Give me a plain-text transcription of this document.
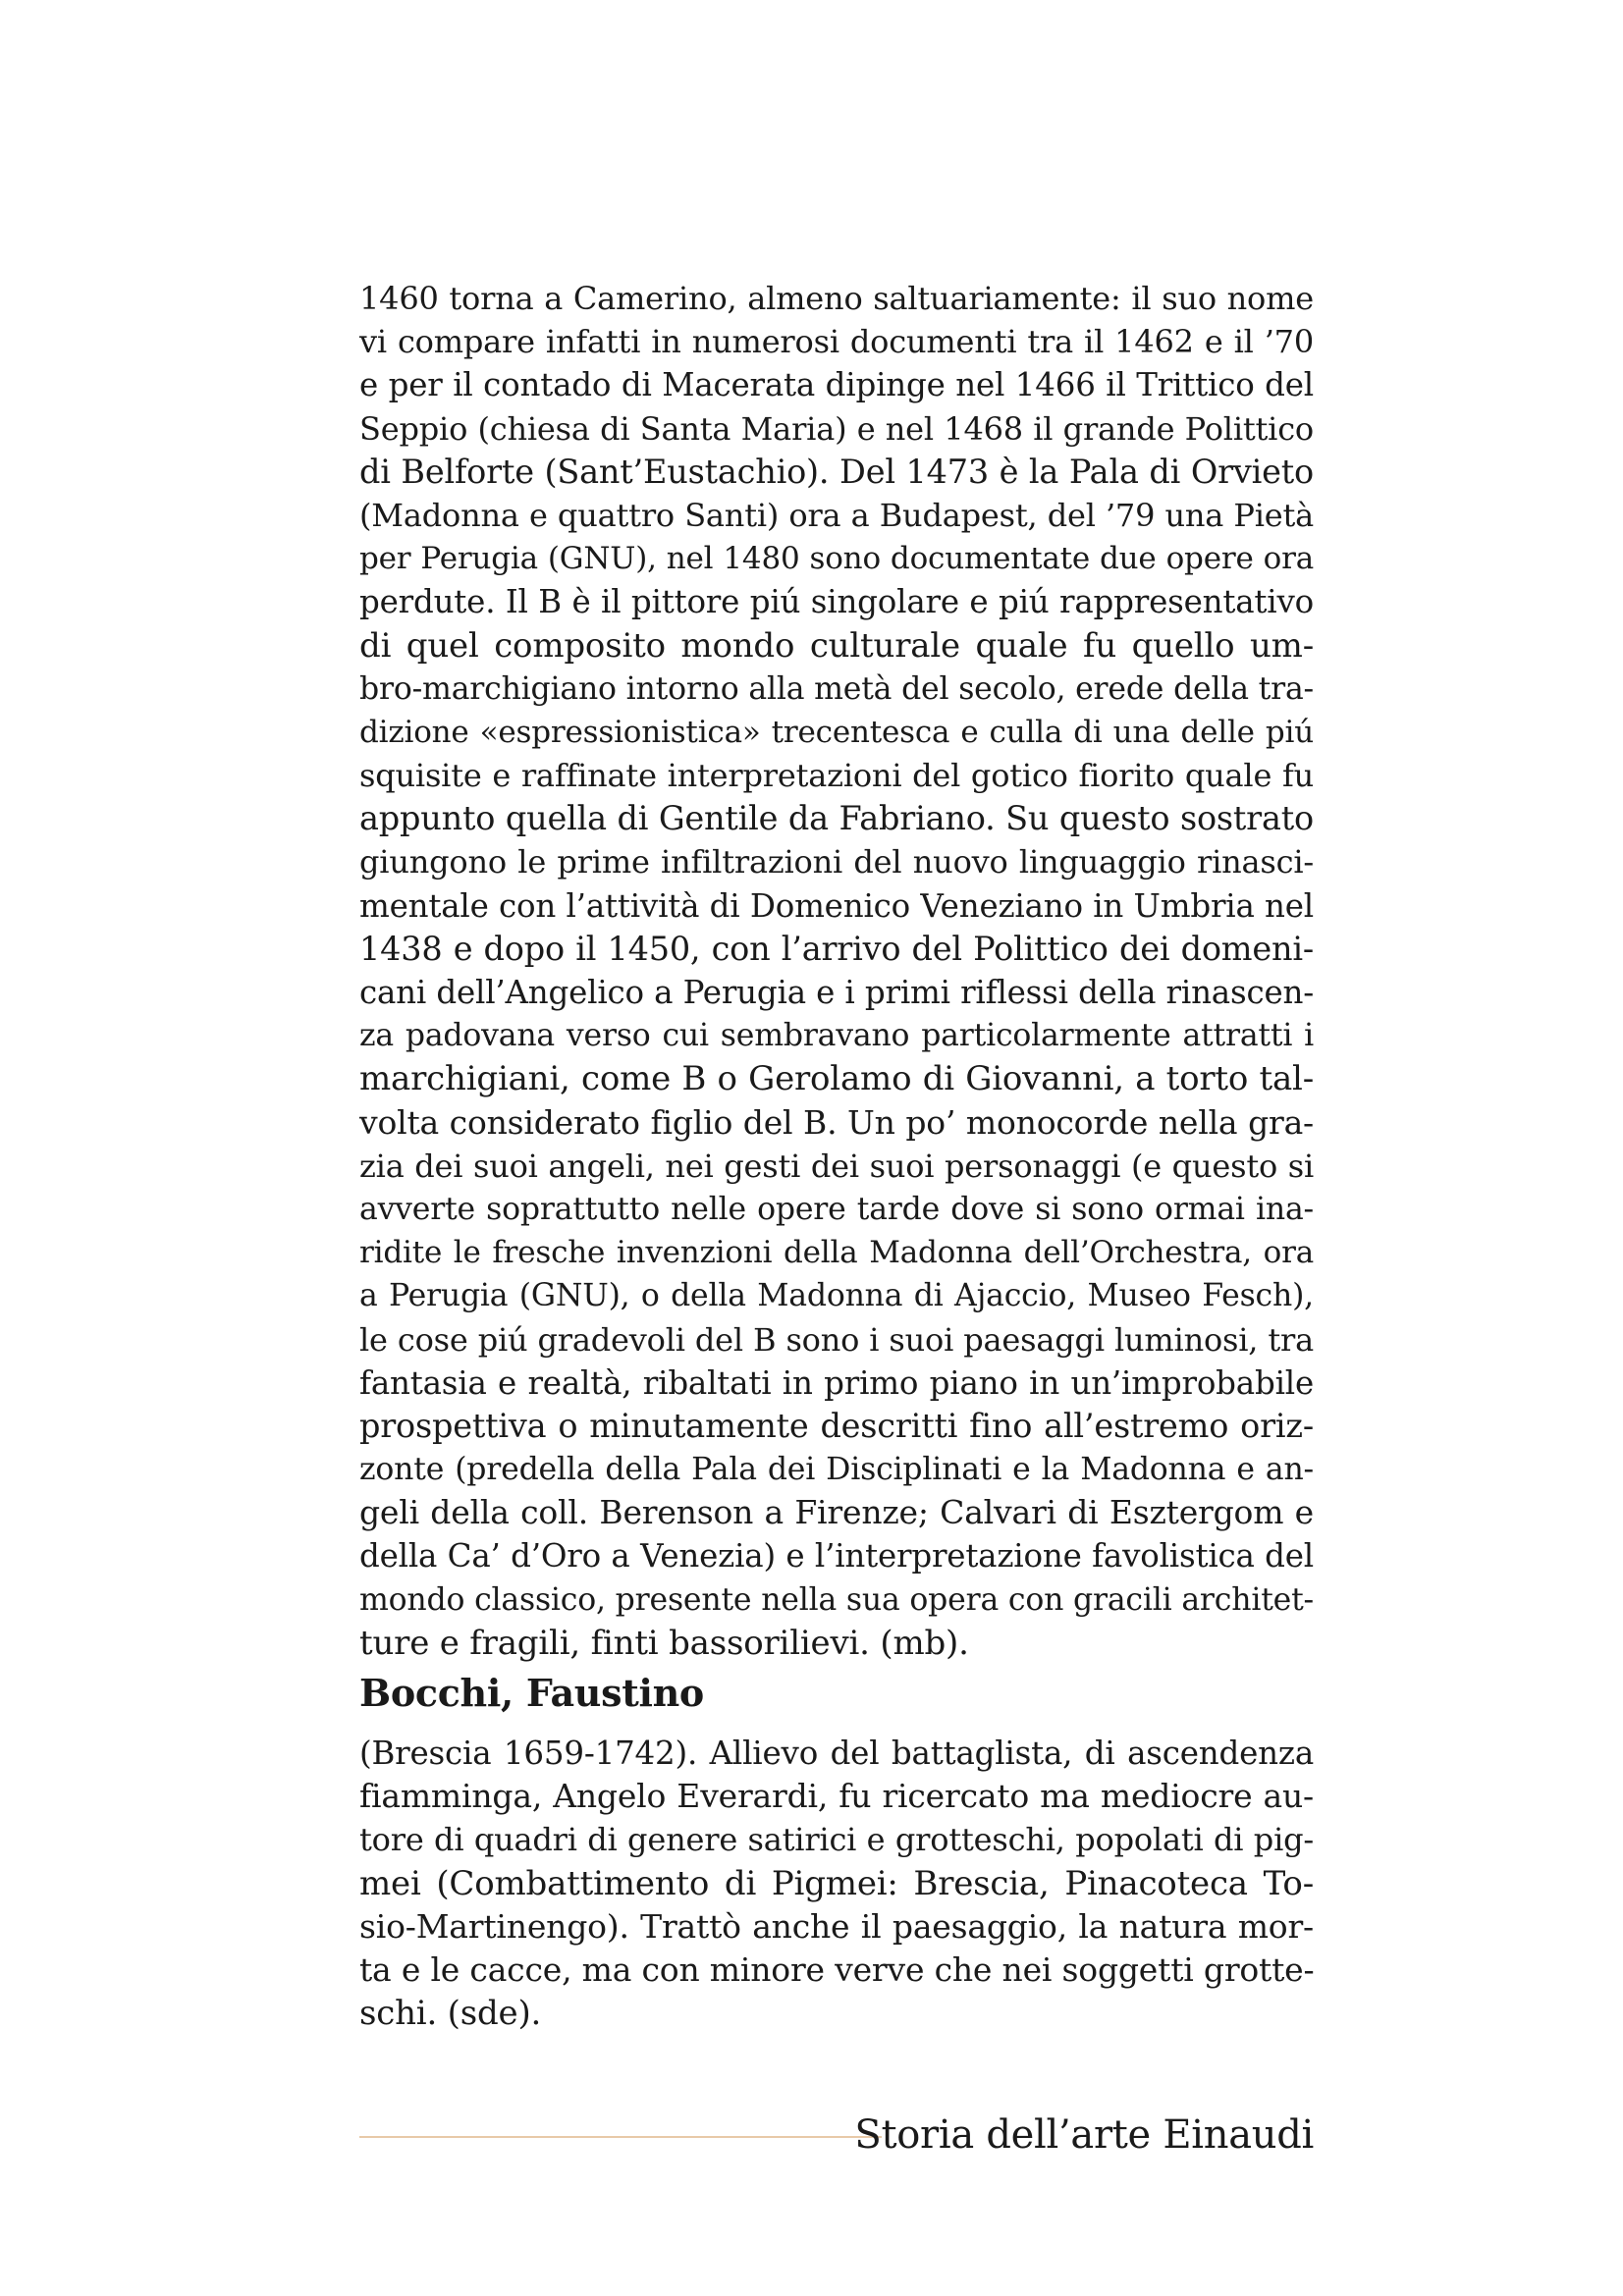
1460 torna a Camerino, almeno saltuariamente: il suo nome
vi compare infatti in numerosi documenti tra il 1462 e il ’70
e per il contado di Macerata dipinge nel 1466 il Trittico del
Seppio (chiesa di Santa Maria) e nel 1468 il grande Polittico
di Belforte (Sant’Eustachio). Del 1473 è la Pala di Orvieto
(Madonna e quattro Santi) ora a Budapest, del ’79 una Pietà
per Perugia (GNU), nel 1480 sono documentate due opere ora
perdute. Il B è il pittore piú singolare e piú rappresentativo
di quel composito mondo culturale quale fu quello um-
bro-marchigiano intorno alla metà del secolo, erede della tra-
dizione «espressionistica» trecentesca e culla di una delle piú
squisite e raffinate interpretazioni del gotico fiorito quale fu
appunto quella di Gentile da Fabriano. Su questo sostrato
giungono le prime infiltrazioni del nuovo linguaggio rinasci-
mentale con l’attività di Domenico Veneziano in Umbria nel
1438 e dopo il 1450, con l’arrivo del Polittico dei domeni-
cani dell’Angelico a Perugia e i primi riflessi della rinascen-
za padovana verso cui sembravano particolarmente attratti i
marchigiani, come B o Gerolamo di Giovanni, a torto tal-
volta considerato figlio del B. Un po’ monocorde nella gra-
zia dei suoi angeli, nei gesti dei suoi personaggi (e questo si
avverte soprattutto nelle opere tarde dove si sono ormai ina-
ridite le fresche invenzioni della Madonna dell’Orchestra, ora
a Perugia (GNU), o della Madonna di Ajaccio, Museo Fesch),
le cose piú gradevoli del B sono i suoi paesaggi luminosi, tra
fantasia e realtà, ribaltati in primo piano in un’improbabile
prospettiva o minutamente descritti fino all’estremo oriz-
zonte (predella della Pala dei Disciplinati e la Madonna e an-
geli della coll. Berenson a Firenze; Calvari di Esztergom e
della Ca’ d’Oro a Venezia) e l’interpretazione favolistica del
mondo classico, presente nella sua opera con gracili architet-
ture e fragili, finti bassorilievi. (mb).
Bocchi, Faustino
(Brescia 1659-1742). Allievo del battaglista, di ascendenza
fiamminga, Angelo Everardi, fu ricercato ma mediocre au-
tore di quadri di genere satirici e grotteschi, popolati di pig-
mei (Combattimento di Pigmei: Brescia, Pinacoteca To-
sio-Martinengo). Trattò anche il paesaggio, la natura mor-
ta e le cacce, ma con minore verve che nei soggetti grotte-
schi. (sde).
Storia dell’arte Einaudi
